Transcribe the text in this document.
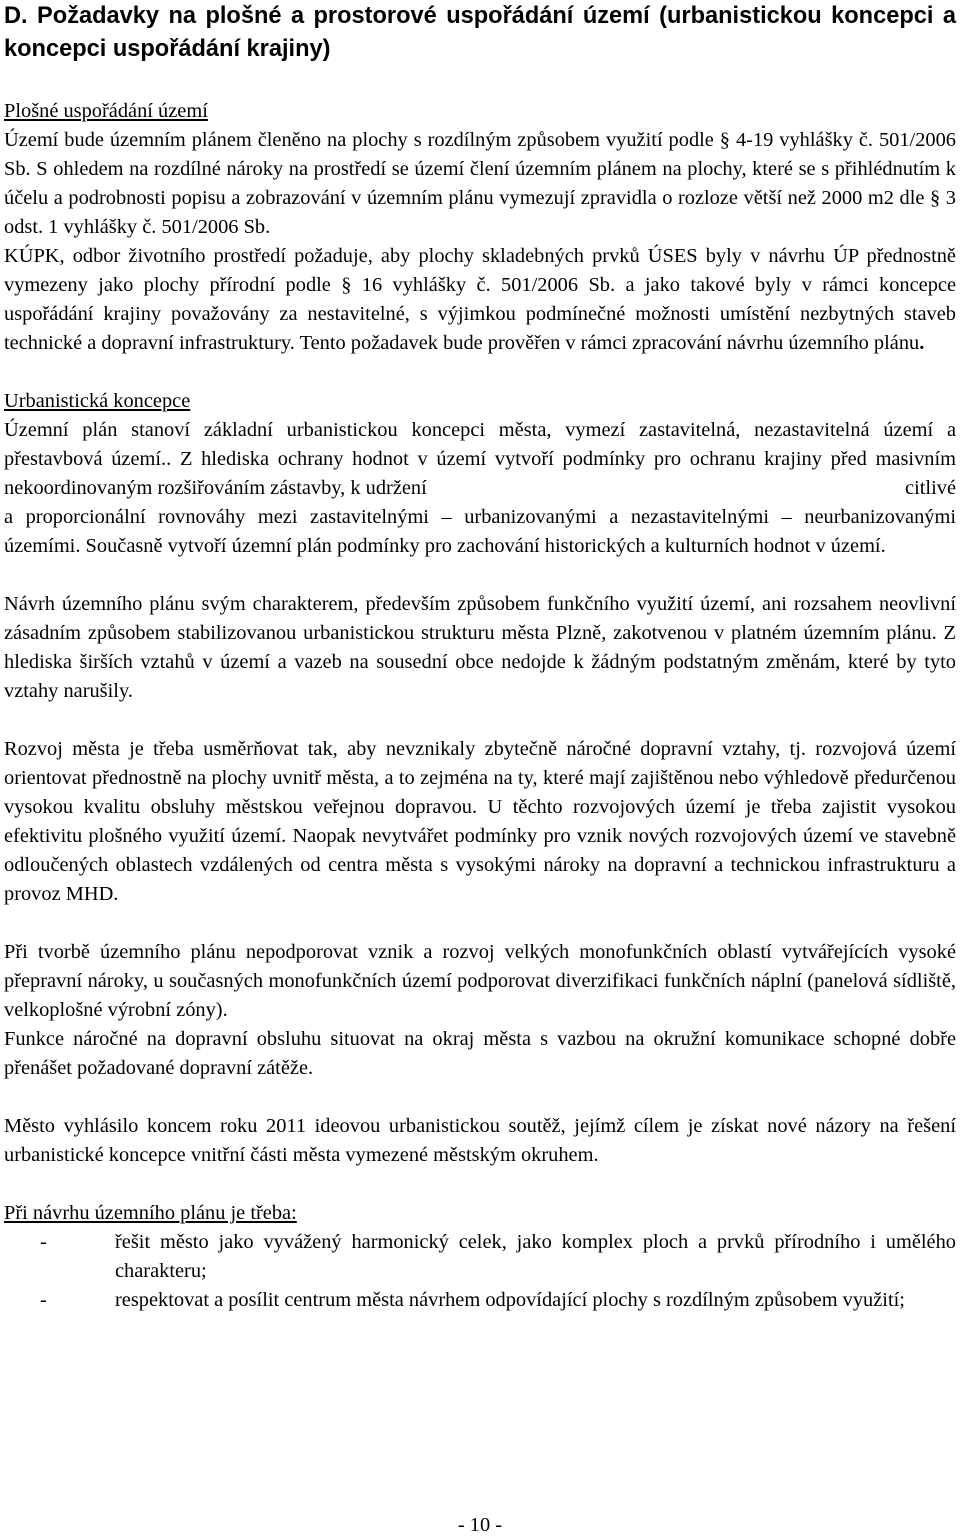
D. Požadavky na plošné a prostorové uspořádání území (urbanistickou koncepci a koncepci uspořádání krajiny)
Plošné uspořádání území

Území bude územním plánem členěno na plochy s rozdílným způsobem využití podle § 4-19 vyhlášky č. 501/2006 Sb. S ohledem na rozdílné nároky na prostředí se území člení územním plánem na plochy, které se s přihlédnutím k účelu a podrobnosti popisu a zobrazování v územním plánu vymezují zpravidla o rozloze větší než 2000 m2 dle § 3 odst. 1 vyhlášky č. 501/2006 Sb.

KÚPK, odbor životního prostředí požaduje, aby plochy skladebných prvků ÚSES byly v návrhu ÚP přednostně vymezeny jako plochy přírodní podle § 16 vyhlášky č. 501/2006 Sb. a jako takové byly v rámci koncepce uspořádání krajiny považovány za nestavitelné, s výjimkou podmínečné možnosti umístění nezbytných staveb technické a dopravní infrastruktury. Tento požadavek bude prověřen v rámci zpracování návrhu územního plánu.

Urbanistická koncepce

Územní plán stanoví základní urbanistickou koncepci města, vymezí zastavitelná, nezastavitelná území a přestavbová území.. Z hlediska ochrany hodnot v území vytvoří podmínky pro ochranu krajiny před masivním nekoordinovaným rozšiřováním zástavby, k udržení	citlivé

a proporcionální rovnováhy mezi zastavitelnými – urbanizovanými a nezastavitelnými – neurbanizovanými územími. Současně vytvoří územní plán podmínky pro zachování historických a kulturních hodnot v území.

Návrh územního plánu svým charakterem, především způsobem funkčního využití území, ani rozsahem neovlivní zásadním způsobem stabilizovanou urbanistickou strukturu města Plzně, zakotvenou v platném územním plánu. Z hlediska širších vztahů v území a vazeb na sousední obce nedojde k žádným podstatným změnám, které by tyto vztahy narušily.

Rozvoj města je třeba usměrňovat tak, aby nevznikaly zbytečně náročné dopravní vztahy, tj. rozvojová území orientovat přednostně na plochy uvnitř města, a to zejména na ty, které mají zajištěnou nebo výhledově předurčenou vysokou kvalitu obsluhy městskou veřejnou dopravou. U těchto rozvojových území je třeba zajistit vysokou efektivitu plošného využití území. Naopak nevytvářet podmínky pro vznik nových rozvojových území ve stavebně odloučených oblastech vzdálených od centra města s vysokými nároky na dopravní a technickou infrastrukturu a provoz MHD.

Při tvorbě územního plánu nepodporovat vznik a rozvoj velkých monofunkčních oblastí vytvářejících vysoké přepravní nároky, u současných monofunkčních území podporovat diverzifikaci funkčních náplní (panelová sídliště, velkoplošné výrobní zóny).

Funkce náročné na dopravní obsluhu situovat na okraj města s vazbou na okružní komunikace schopné dobře přenášet požadované dopravní zátěže.

Město vyhlásilo koncem roku 2011 ideovou urbanistickou soutěž, jejímž cílem je získat nové názory na řešení urbanistické koncepce vnitřní části města vymezené městským okruhem.

Při návrhu územního plánu je třeba:
-	řešit město jako vyvážený harmonický celek, jako komplex ploch a prvků přírodního i umělého charakteru;
-	respektovat a posílit centrum města návrhem odpovídající plochy s rozdílným způsobem využití;
- 10 -
